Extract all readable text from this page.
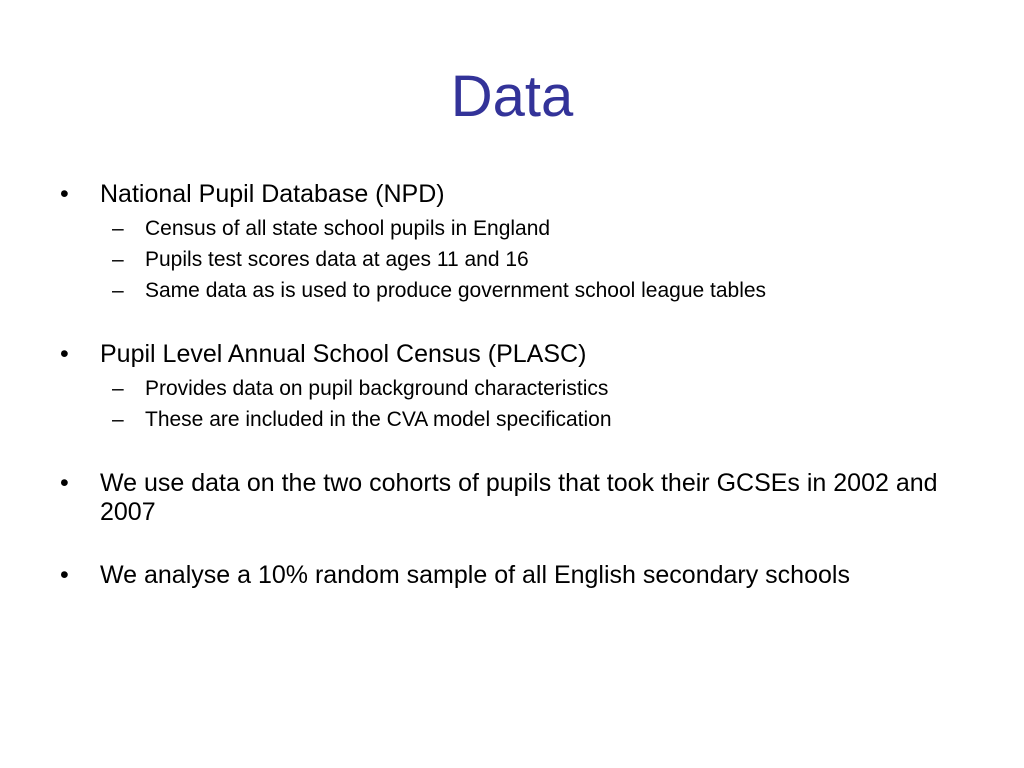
Data
•	National Pupil Database (NPD)
– Census of all state school pupils in England
– Pupils test scores data at ages 11 and 16
– Same data as is used to produce government school league tables
•	Pupil Level Annual School Census (PLASC)
– Provides data on pupil background characteristics
– These are included in the CVA model specification
•	We use data on the two cohorts of pupils that took their GCSEs in 2002 and 2007
•	We analyse a 10% random sample of all English secondary schools
